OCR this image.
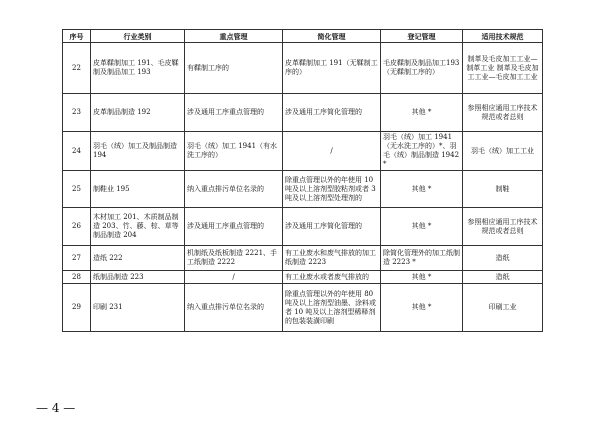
序号	行业类别	重点管理	简化管理	登记管理	适用技术规范
22	皮革鞣制加工 191、毛皮鞣制及制品加工 193	有鞣制工序的	皮革鞣制加工 191（无鞣制工序的）	毛皮鞣制及制品加工193（无鞣制工序的）	制革及毛皮加工工业—制革工业 制革及毛皮加工工业—毛皮加工工业
23	皮革制品制造 192	涉及通用工序重点管理的	涉及通用工序简化管理的	其他 *	参照相应通用工序技术规范或者总则
24	羽毛（绒）加工及制品制造 194	羽毛（绒）加工 1941（有水洗工序的）	/	羽毛（绒）加工 1941（无水洗工序的）*、羽毛（绒）制品制造 1942 *	羽毛（绒）加工工业
25	制鞋业 195	纳入重点排污单位名录的	除重点管理以外的年使用 10 吨及以上溶剂型胶粘剂或者 3 吨及以上溶剂型处理剂的	其他 *	制鞋
26	木材加工 201、木质制品制造 203、竹、藤、棕、草等制品制造 204	涉及通用工序重点管理的	涉及通用工序简化管理的	其他 *	参照相应通用工序技术规范或者总则
27	造纸 222	机制纸及纸板制造 2221、手工纸制造 2222	有工业废水和废气排放的加工纸制造 2223	除简化管理外的加工纸制造 2223 *	造纸
28	纸制品制造 223	/	有工业废水或者废气排放的	其他 *	造纸
29	印刷 231	纳入重点排污单位名录的	除重点管理以外的年使用 80 吨及以上溶剂型油墨、涂料或者 10 吨及以上溶剂型稀释剂的包装装潢印刷	其他 *	印刷工业
— 4 —
